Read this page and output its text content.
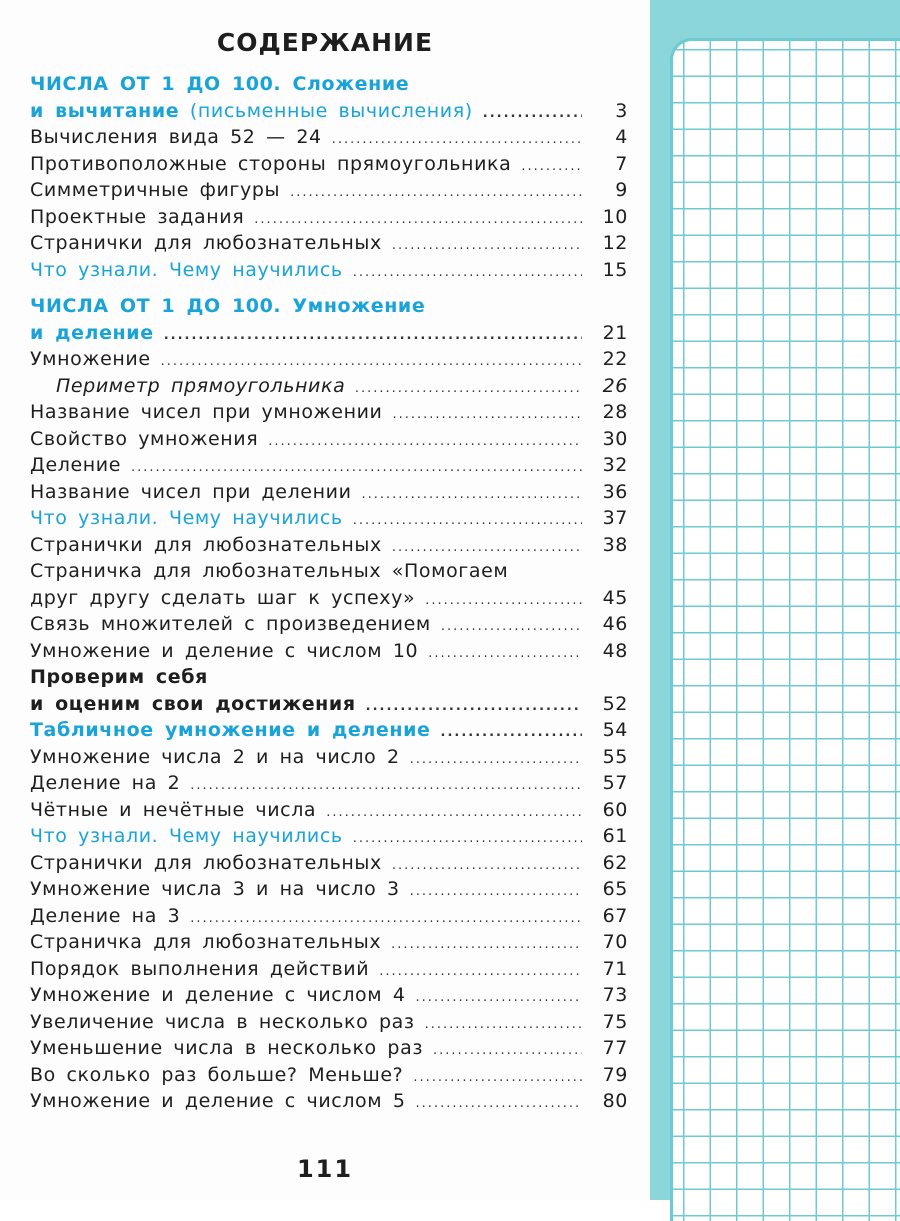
СОДЕРЖАНИЕ
ЧИСЛА ОТ 1 ДО 100. Сложение
и вычитание (письменные вычисления) .....	3
Вычисления вида 52 — 24 .....	4
Противоположные стороны прямоугольника .....	7
Симметричные фигуры .....	9
Проектные задания .....	10
Странички для любознательных .....	12
Что узнали. Чему научились .....	15
ЧИСЛА ОТ 1 ДО 100. Умножение
и деление .....	21
Умножение .....	22
Периметр прямоугольника .....	26
Название чисел при умножении .....	28
Свойство умножения .....	30
Деление .....	32
Название чисел при делении .....	36
Что узнали. Чему научились .....	37
Странички для любознательных .....	38
Страничка для любознательных «Помогаем
друг другу сделать шаг к успеху» .....	45
Связь множителей с произведением .....	46
Умножение и деление с числом 10 .....	48
Проверим себя
и оценим свои достижения .....	52
Табличное умножение и деление .....	54
Умножение числа 2 и на число 2 .....	55
Деление на 2 .....	57
Чётные и нечётные числа .....	60
Что узнали. Чему научились .....	61
Странички для любознательных .....	62
Умножение числа 3 и на число 3 .....	65
Деление на 3 .....	67
Страничка для любознательных .....	70
Порядок выполнения действий .....	71
Умножение и деление с числом 4 .....	73
Увеличение числа в несколько раз .....	75
Уменьшение числа в несколько раз .....	77
Во сколько раз больше? Меньше? .....	79
Умножение и деление с числом 5 .....	80
111
